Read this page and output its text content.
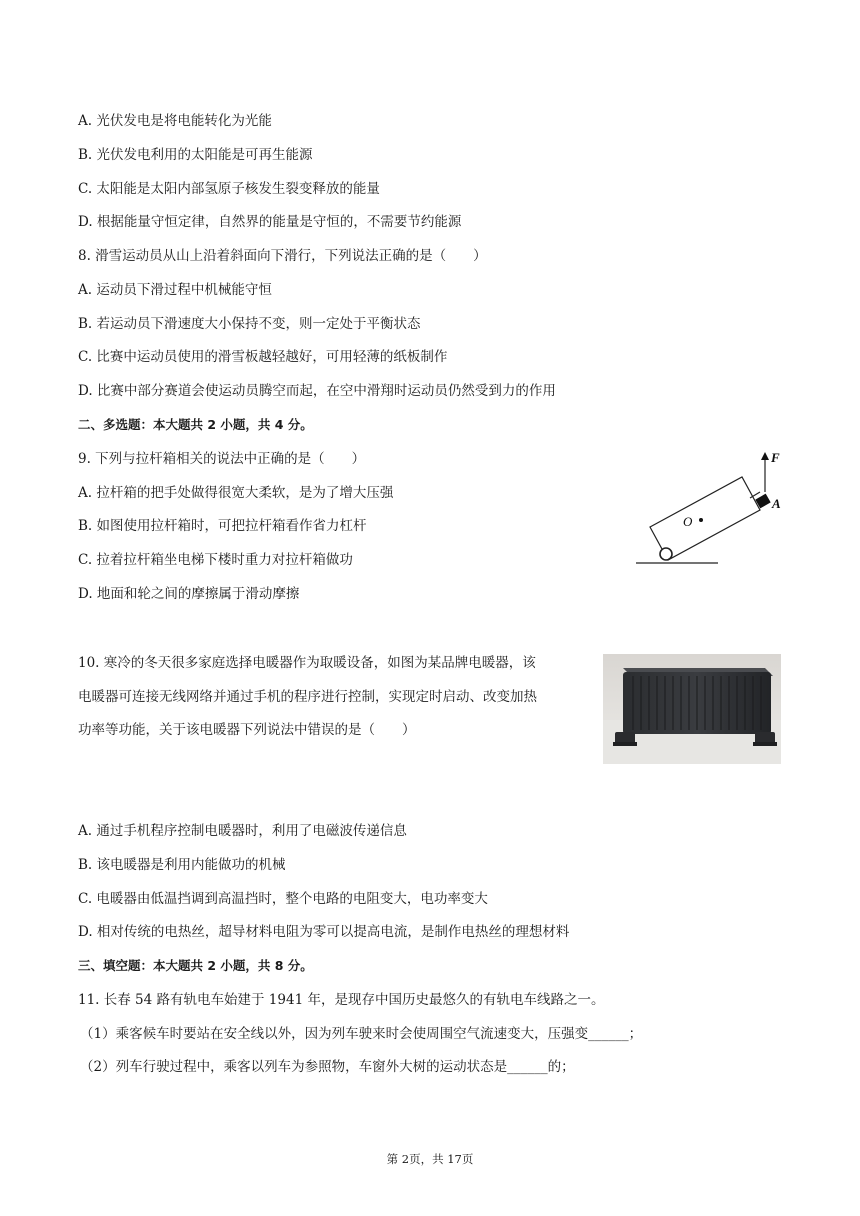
A. 光伏发电是将电能转化为光能
B. 光伏发电利用的太阳能是可再生能源
C. 太阳能是太阳内部氢原子核发生裂变释放的能量
D. 根据能量守恒定律，自然界的能量是守恒的，不需要节约能源
8. 滑雪运动员从山上沿着斜面向下滑行，下列说法正确的是（　　）
A. 运动员下滑过程中机械能守恒
B. 若运动员下滑速度大小保持不变，则一定处于平衡状态
C. 比赛中运动员使用的滑雪板越轻越好，可用轻薄的纸板制作
D. 比赛中部分赛道会使运动员腾空而起，在空中滑翔时运动员仍然受到力的作用
二、多选题：本大题共 2 小题，共 4 分。
9. 下列与拉杆箱相关的说法中正确的是（　　）
A. 拉杆箱的把手处做得很宽大柔软，是为了增大压强
B. 如图使用拉杆箱时，可把拉杆箱看作省力杠杆
C. 拉着拉杆箱坐电梯下楼时重力对拉杆箱做功
D. 地面和轮之间的摩擦属于滑动摩擦
O
F
A
10. 寒冷的冬天很多家庭选择电暖器作为取暖设备，如图为某品牌电暖器，该
电暖器可连接无线网络并通过手机的程序进行控制，实现定时启动、改变加热
功率等功能，关于该电暖器下列说法中错误的是（　　）
A. 通过手机程序控制电暖器时，利用了电磁波传递信息
B. 该电暖器是利用内能做功的机械
C. 电暖器由低温挡调到高温挡时，整个电路的电阻变大，电功率变大
D. 相对传统的电热丝，超导材料电阻为零可以提高电流，是制作电热丝的理想材料
三、填空题：本大题共 2 小题，共 8 分。
11. 长春 54 路有轨电车始建于 1941 年，是现存中国历史最悠久的有轨电车线路之一。
（1）乘客候车时要站在安全线以外，因为列车驶来时会使周围空气流速变大，压强变______；
（2）列车行驶过程中，乘客以列车为参照物，车窗外大树的运动状态是______的；
第 2页，共 17页
